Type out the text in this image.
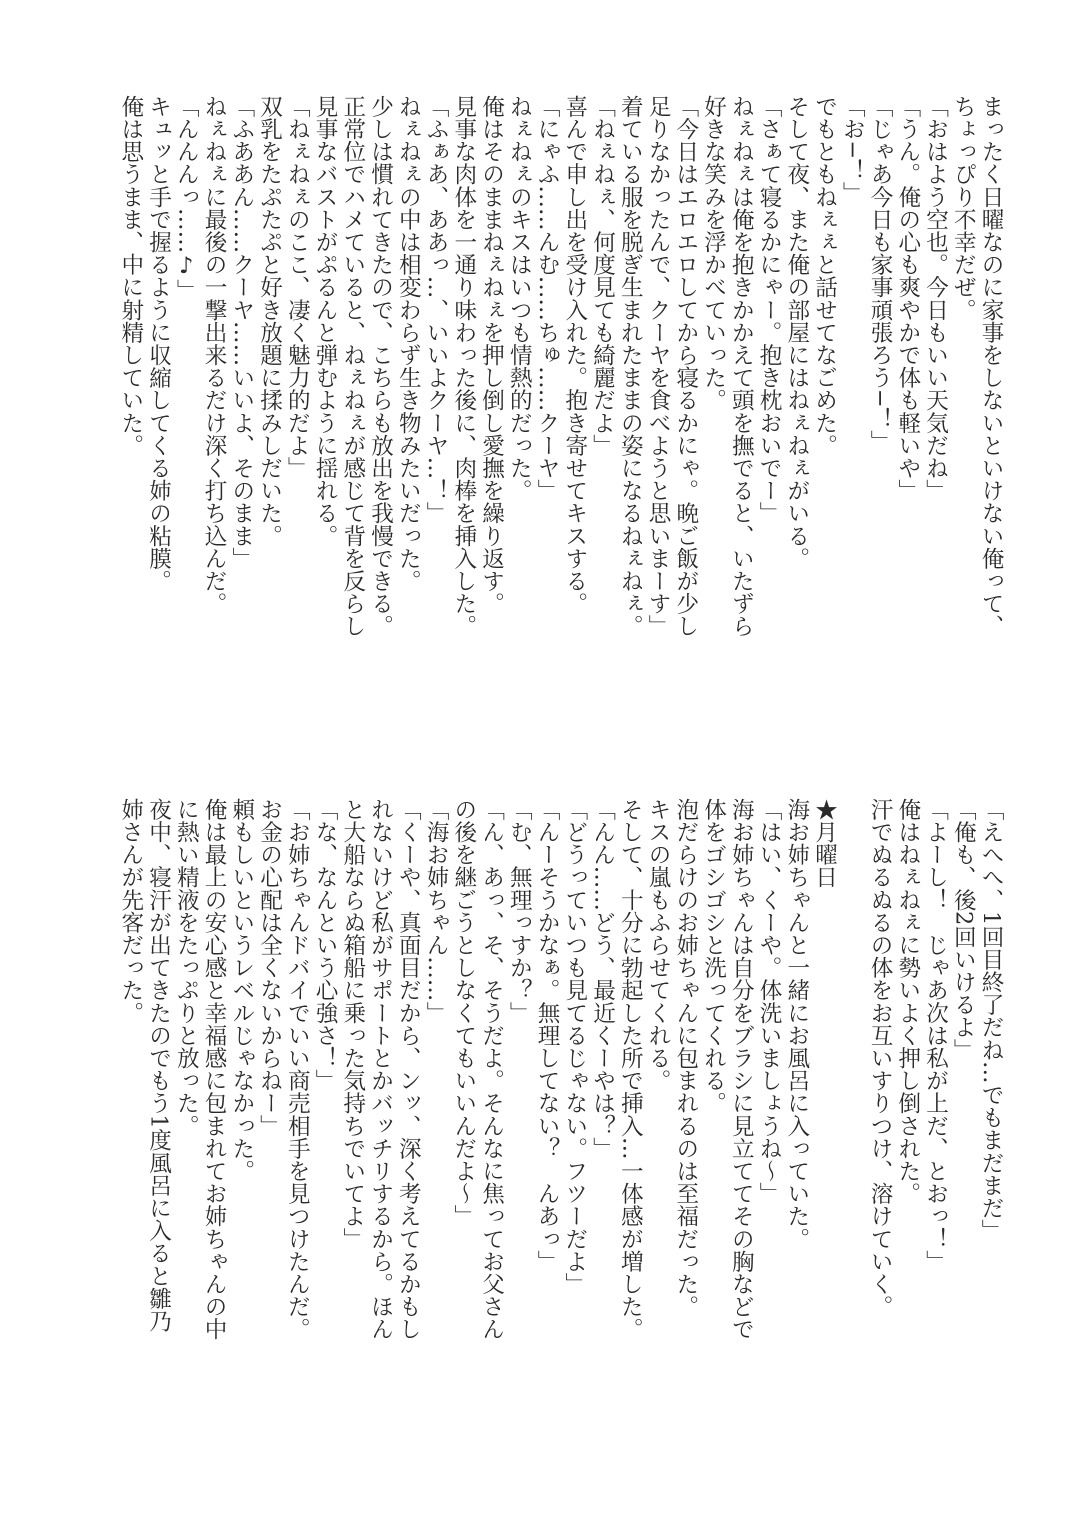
まったく日曜なのに家事をしないといけない俺って、
ちょっぴり不幸だぜ。
「おはよう空也。今日もいい天気だね」
「うん。俺の心も爽やかで体も軽いや」
「じゃあ今日も家事頑張ろう−！」
「お−！」
でもともねぇぇと話せてなごめた。
そして夜、また俺の部屋にはねぇねぇがいる。
「さぁて寝るかにゃー。抱き枕おいでー」
ねぇねぇは俺を抱きかかえて頭を撫でると、いたずら
好きな笑みを浮かべていった。
「今日はエロエロしてから寝るかにゃ。晩ご飯が少し
足りなかったんで、クーヤを食べようと思いまーす」
着ている服を脱ぎ生まれたままの姿になるねぇねぇ。
「ねぇねぇ、何度見ても綺麗だよ」
喜んで申し出を受け入れた。抱き寄せてキスする。
「にゃふ……んむ……ちゅ……クーヤ」
ねぇねぇのキスはいつも情熱的だった。
俺はそのままねぇねぇを押し倒し愛撫を繰り返す。
見事な肉体を一通り味わった後に、肉棒を挿入した。
「ふぁあ、ああっ…、いいよクーヤ…！」
ねぇねぇの中は相変わらず生き物みたいだった。
少しは慣れてきたので、こちらも放出を我慢できる。
正常位でハメていると、ねぇねぇが感じて背を反らし
見事なバストがぷるんと弾むように揺れる。
「ねぇねぇのここ、凄く魅力的だよ」
双乳をたぷたぷと好き放題に揉みしだいた。
「ふああん……クーヤ……いいよ、そのまま」
ねぇねぇに最後の一撃出来るだけ深く打ち込んだ。
「んんんっ……♪」
キュッと手で握るように収縮してくる姉の粘膜。
俺は思うまま、中に射精していた。
「えへへ、1回目終了だね…でもまだまだ」
「俺も、後2回いけるよ」
「よーし！　じゃあ次は私が上だ、とおっ！」
俺はねぇねぇに勢いよく押し倒された。
汗でぬるぬるの体をお互いすりつけ、溶けていく。
★月曜日
海お姉ちゃんと一緒にお風呂に入っていた。
「はい、くーや。体洗いましょうね〜」
海お姉ちゃんは自分をブラシに見立ててその胸などで
体をゴシゴシと洗ってくれる。
泡だらけのお姉ちゃんに包まれるのは至福だった。
キスの嵐もふらせてくれる。
そして、十分に勃起した所で挿入…一体感が増した。
「んん……どう、最近くーやは？」
「どうっていつも見てるじゃない。フツーだよ」
「んーそうかなぁ。無理してない？　んあっ」
「む、無理っすか？」
「ん、あっ、そ、そうだよ。そんなに焦ってお父さん
の後を継ごうとしなくてもいいんだよ〜」
「海お姉ちゃん……」
「くーや、真面目だから、ンッ、深く考えてるかもし
れないけど私がサポートとかバッチリするから。ほん
と大船ならぬ箱船に乗った気持ちでいてよ」
「な、なんという心強さ！」
「お姉ちゃんドバイでいい商売相手を見つけたんだ。
お金の心配は全くないからねー」
頼もしいというレベルじゃなかった。
俺は最上の安心感と幸福感に包まれてお姉ちゃんの中
に熱い精液をたっぷりと放った。
夜中、寝汗が出てきたのでもう1度風呂に入ると雛乃
姉さんが先客だった。
